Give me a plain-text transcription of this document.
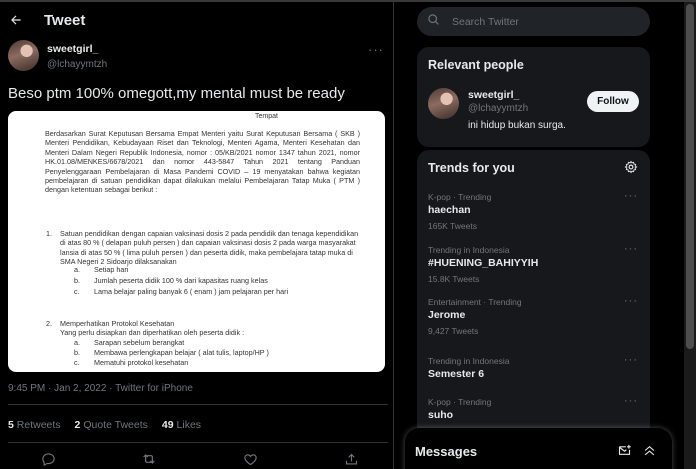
Tweet
sweetgirl_
@lchayymtzh
···
Beso ptm 100% omegott,my mental must be ready
Tempat
Berdasarkan Surat Keputusan Bersama Empat Menteri yaitu Surat Keputusan Bersama ( SKB ) Menteri Pendidikan, Kebudayaan Riset dan Teknologi, Menteri Agama, Menteri Kesehatan dan Menteri Dalam Negeri Republik Indonesia, nomor : 05/KB/2021 nomor 1347 tahun 2021, nomor HK.01.08/MENKES/6678/2021 dan nomor 443-5847 Tahun 2021 tentang Panduan Penyelenggaraan Pembelajaran di Masa Pandemi COVID – 19 menyatakan bahwa kegiatan pembelajaran di satuan pendidikan dapat dilakukan melalui Pembelajaran Tatap Muka ( PTM ) dengan ketentuan sebagai berikut :
1. Satuan pendidikan dengan capaian vaksinasi dosis 2 pada pendidik dan tenaga kependidikan di atas 80 % ( delapan puluh persen ) dan capaian vaksinasi dosis 2 pada warga masyarakat lansia di atas 50 % ( lima puluh persen ) dan peserta didik, maka pembelajara tatap muka di SMA Negeri 2 Sidoarjo dilaksanakan
a. Setiap hari
b. Jumlah peserta didik 100 % dari kapasitas ruang kelas
c. Lama belajar paling banyak 6 ( enam ) jam pelajaran per hari
2. Memperhatikan Protokol Kesehatan
Yang perlu disiapkan dan diperhatikan oleh peserta didik :
a. Sarapan sebelum berangkat
b. Membawa perlengkapan belajar ( alat tulis, laptop/HP )
c. Mematuhi protokol kesehatan
9:45 PM · Jan 2, 2022 · Twitter for iPhone
5 Retweets 2 Quote Tweets 49 Likes
Search Twitter
Relevant people
sweetgirl_
@lchayymtzh
ini hidup bukan surga.
Follow
Trends for you
K-pop · Trending
haechan
165K Tweets
···
Trending in Indonesia
#HUENING_BAHIYYIH
15.8K Tweets
···
Entertainment · Trending
Jerome
9,427 Tweets
···
Trending in Indonesia
Semester 6
···
K-pop · Trending
suho
···
Messages
